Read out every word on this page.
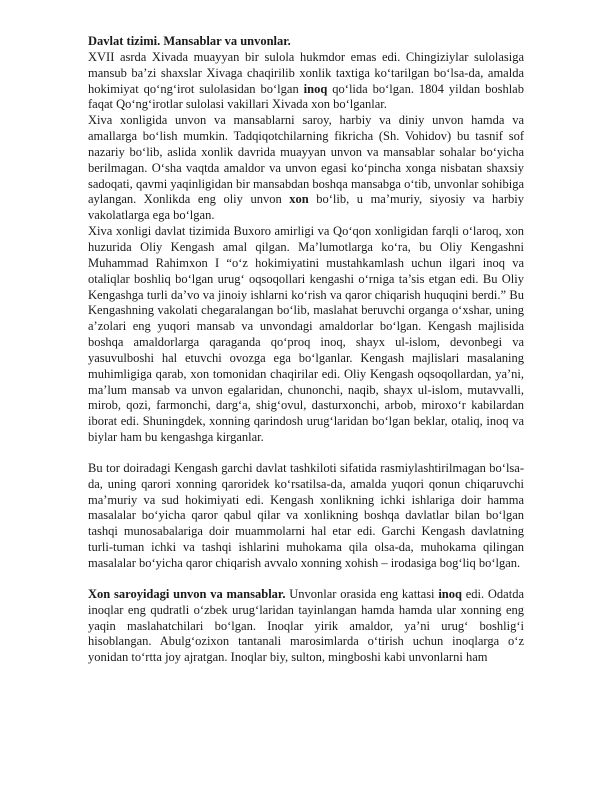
Davlat tizimi. Mansablar va unvonlar.

XVII asrda Xivada muayyan bir sulola hukmdor emas edi. Chingiziylar sulolasiga mansub ba’zi shaxslar Xivaga chaqirilib xonlik taxtiga ko‘tarilgan bo‘lsa-da, amalda hokimiyat qo‘ng‘irot sulolasidan bo‘lgan inoq qo‘lida bo‘lgan. 1804 yildan boshlab faqat Qo‘ng‘irotlar sulolasi vakillari Xivada xon bo‘lganlar.

Xiva xonligida unvon va mansablarni saroy, harbiy va diniy unvon hamda va amallarga bo‘lish mumkin. Tadqiqotchilarning fikricha (Sh. Vohidov) bu tasnif sof nazariy bo‘lib, aslida xonlik davrida muayyan unvon va mansablar sohalar bo‘yicha berilmagan. O‘sha vaqtda amaldor va unvon egasi ko‘pincha xonga nisbatan shaxsiy sadoqati, qavmi yaqinligidan bir mansabdan boshqa mansabga o‘tib, unvonlar sohibiga aylangan. Xonlikda eng oliy unvon xon bo‘lib, u ma’muriy, siyosiy va harbiy vakolatlarga ega bo‘lgan.

Xiva xonligi davlat tizimida Buxoro amirligi va Qo‘qon xonligidan farqli o‘laroq, xon huzurida Oliy Kengash amal qilgan. Ma’lumotlarga ko‘ra, bu Oliy Kengashni Muhammad Rahimxon I “o‘z hokimiyatini mustahkamlash uchun ilgari inoq va otaliqlar boshliq bo‘lgan urug‘ oqsoqollari kengashi o‘rniga ta’sis etgan edi. Bu Oliy Kengashga turli da’vo va jinoiy ishlarni ko‘rish va qaror chiqarish huquqini berdi.” Bu Kengashning vakolati chegaralangan bo‘lib, maslahat beruvchi organga o‘xshar, uning a’zolari eng yuqori mansab va unvondagi amaldorlar bo‘lgan. Kengash majlisida boshqa amaldorlarga qaraganda qo‘proq inoq, shayx ul-islom, devonbegi va yasuvulboshi hal etuvchi ovozga ega bo‘lganlar. Kengash majlislari masalaning muhimligiga qarab, xon tomonidan chaqirilar edi. Oliy Kengash oqsoqollardan, ya’ni, ma’lum mansab va unvon egalaridan, chunonchi, naqib, shayx ul-islom, mutavvalli, mirob, qozi, farmonchi, darg‘a, shig‘ovul, dasturxonchi, arbob, miroxo‘r kabilardan iborat edi. Shuningdek, xonning qarindosh urug‘laridan bo‘lgan beklar, otaliq, inoq va biylar ham bu kengashga kirganlar.

Bu tor doiradagi Kengash garchi davlat tashkiloti sifatida rasmiylashtirilmagan bo‘lsa-da, uning qarori xonning qaroridek ko‘rsatilsa-da, amalda yuqori qonun chiqaruvchi ma’muriy va sud hokimiyati edi. Kengash xonlikning ichki ishlariga doir hamma masalalar bo‘yicha qaror qabul qilar va xonlikning boshqa davlatlar bilan bo‘lgan tashqi munosabalariga doir muammolarni hal etar edi. Garchi Kengash davlatning turli-tuman ichki va tashqi ishlarini muhokama qila olsa-da, muhokama qilingan masalalar bo‘yicha qaror chiqarish avvalo xonning xohish – irodasiga bog‘liq bo‘lgan.

Xon saroyidagi unvon va mansablar. Unvonlar orasida eng kattasi inoq edi. Odatda inoqlar eng qudratli o‘zbek urug‘laridan tayinlangan hamda hamda ular xonning eng yaqin maslahatchilari bo‘lgan. Inoqlar yirik amaldor, ya’ni urug‘ boshlig‘i hisoblangan. Abulg‘ozixon tantanali marosimlarda o‘tirish uchun inoqlarga o‘z yonidan to‘rtta joy ajratgan. Inoqlar biy, sulton, mingboshi kabi unvonlarni ham
